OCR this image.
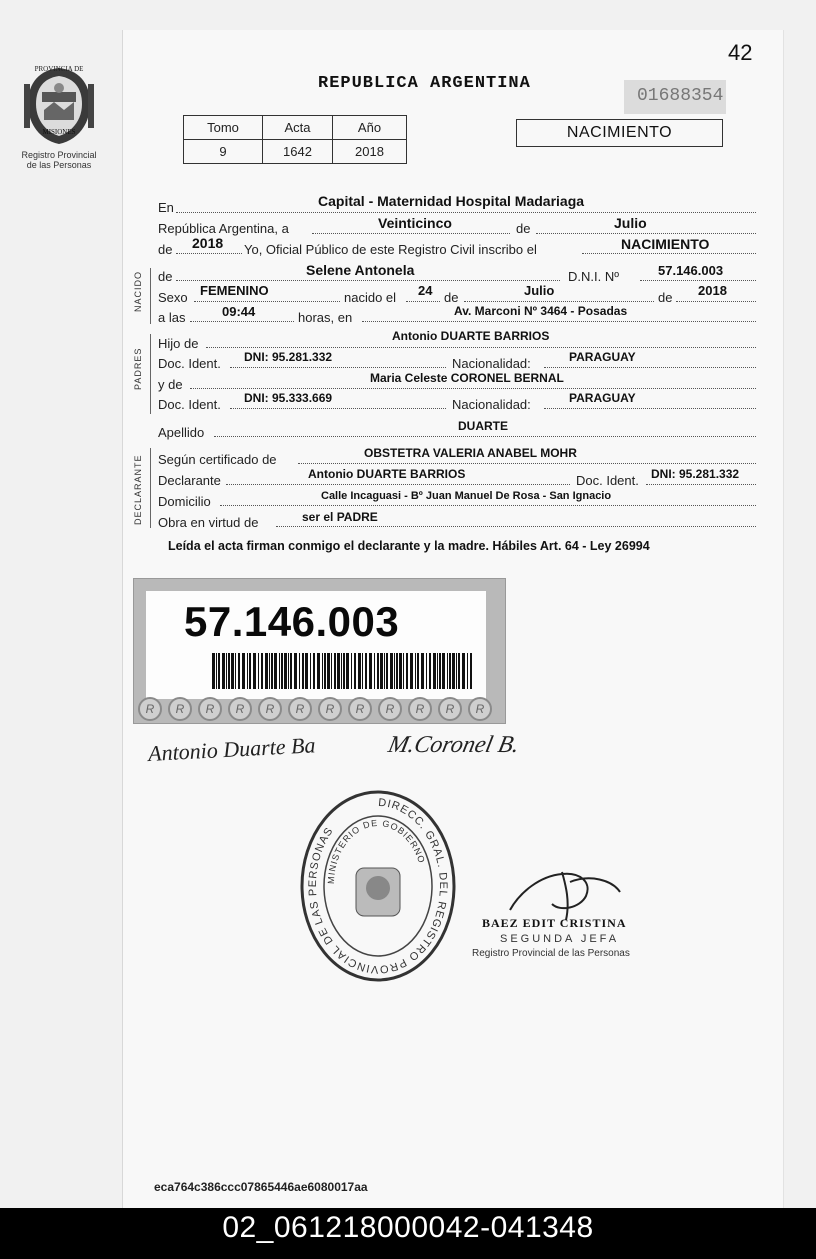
PROVINCIA DE
MISIONES
Registro Provincial
de las Personas
42
REPUBLICA ARGENTINA
01688354
Tomo	Acta	Año
9	1642	2018
NACIMIENTO
En	Capital - Maternidad Hospital Madariaga
República Argentina, a	Veinticinco	de	Julio
de 2018 Yo, Oficial Público de este Registro Civil inscribo el	NACIMIENTO
NACIDO de	Selene Antonela	D.N.I. Nº	57.146.003
Sexo FEMENINO	nacido el 24 de	Julio	de 2018
a las	09:44	horas, en	Av. Marconi Nº 3464 - Posadas
PADRES
Hijo de	Antonio DUARTE BARRIOS
Doc. Ident. DNI: 95.281.332	Nacionalidad:	PARAGUAY
y de	Maria Celeste CORONEL BERNAL
Doc. Ident. DNI: 95.333.669	Nacionalidad:	PARAGUAY
Apellido	DUARTE
DECLARANTE Según certificado de	OBSTETRA VALERIA ANABEL MOHR
Declarante	Antonio DUARTE BARRIOS	Doc. Ident. DNI: 95.281.332
Domicilio	Calle Incaguasi - Bº Juan Manuel De Rosa - San Ignacio
Obra en virtud de	ser el PADRE
Leída el acta firman conmigo el declarante y la madre. Hábiles Art. 64 - Ley 26994
R	R	R	R	R	R	R	R	R	R	R	R
57.146.003
Antonio Duarte Ba	M.Coronel B.
DIRECC. GRAL. DEL REGISTRO PROVINCIAL DE LAS PERSONAS
MINISTERIO DE GOBIERNO
BAEZ EDIT CRISTINA
SEGUNDA JEFA
Registro Provincial de las Personas
eca764c386ccc07865446ae6080017aa
02_061218000042-041348
